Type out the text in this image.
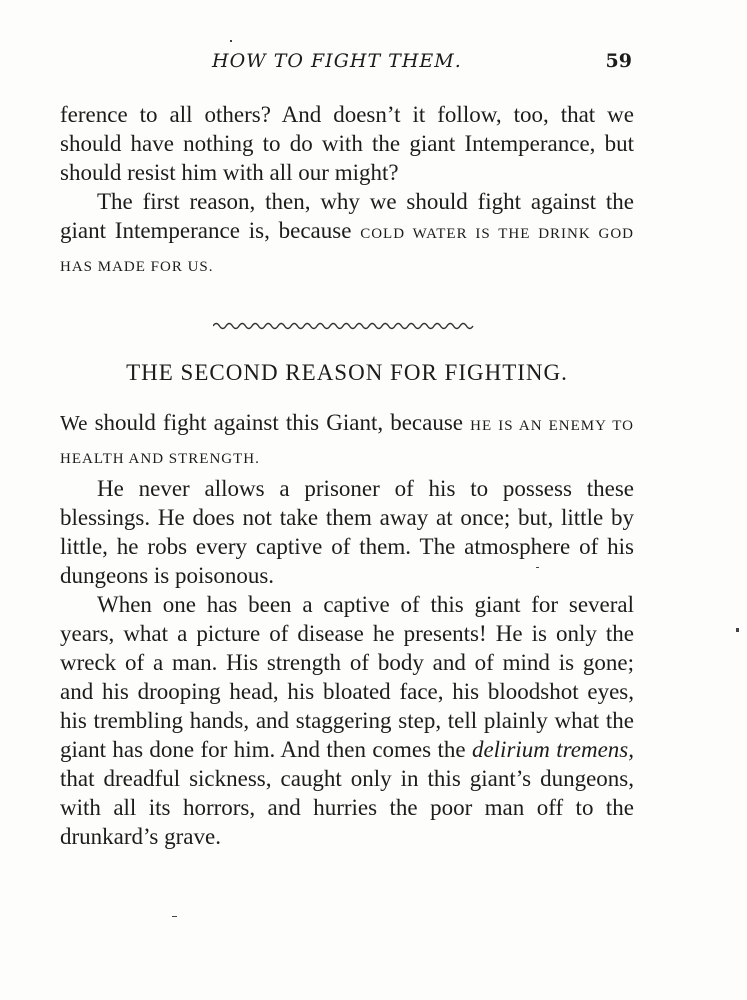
HOW TO FIGHT THEM.	59

ference to all others? And doesn’t it follow, too, that we should have nothing to do with the giant Intemperance, but should resist him with all our might?

The first reason, then, why we should fight against the giant Intemperance is, because COLD WATER IS THE DRINK GOD HAS MADE FOR US.

THE SECOND REASON FOR FIGHTING.

We should fight against this Giant, because HE IS AN ENEMY TO HEALTH AND STRENGTH.

He never allows a prisoner of his to possess these blessings. He does not take them away at once; but, little by little, he robs every captive of them. The atmosphere of his dungeons is poisonous.

When one has been a captive of this giant for several years, what a picture of disease he presents! He is only the wreck of a man. His strength of body and of mind is gone; and his drooping head, his bloated face, his bloodshot eyes, his trembling hands, and staggering step, tell plainly what the giant has done for him. And then comes the delirium tremens, that dreadful sickness, caught only in this giant’s dungeons, with all its horrors, and hurries the poor man off to the drunkard’s grave.
